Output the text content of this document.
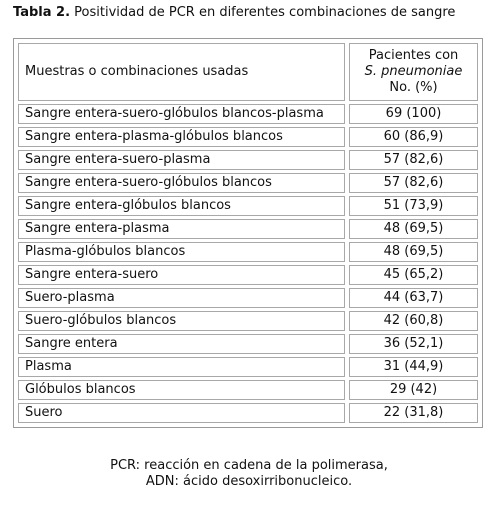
Tabla 2. Positividad de PCR en diferentes combinaciones de sangre
Muestras o combinaciones usadas	Pacientes con
S. pneumoniae
No. (%)

Sangre entera-suero-glóbulos blancos-plasma	69 (100)
Sangre entera-plasma-glóbulos blancos	60 (86,9)
Sangre entera-suero-plasma	57 (82,6)
Sangre entera-suero-glóbulos blancos	57 (82,6)
Sangre entera-glóbulos blancos	51 (73,9)
Sangre entera-plasma	48 (69,5)
Plasma-glóbulos blancos	48 (69,5)
Sangre entera-suero	45 (65,2)
Suero-plasma	44 (63,7)
Suero-glóbulos blancos	42 (60,8)
Sangre entera	36 (52,1)
Plasma	31 (44,9)
Glóbulos blancos	29 (42)
Suero	22 (31,8)
PCR: reacción en cadena de la polimerasa,
ADN: ácido desoxirribonucleico.
